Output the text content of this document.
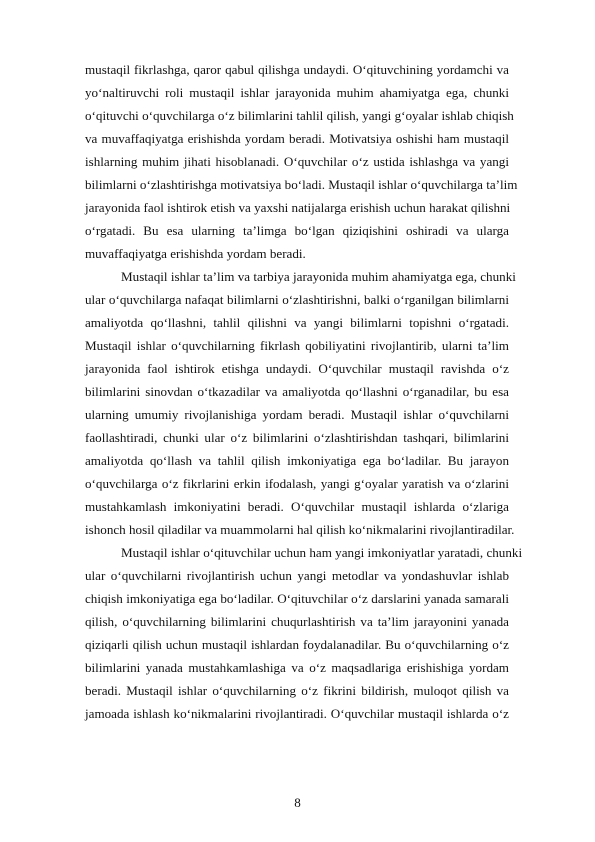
mustaqil fikrlashga, qaror qabul qilishga undaydi. O‘qituvchining yordamchi va
yo‘naltiruvchi roli mustaqil ishlar jarayonida muhim ahamiyatga ega, chunki
o‘qituvchi o‘quvchilarga o‘z bilimlarini tahlil qilish, yangi g‘oyalar ishlab chiqish
va muvaffaqiyatga erishishda yordam beradi. Motivatsiya oshishi ham mustaqil
ishlarning muhim jihati hisoblanadi. O‘quvchilar o‘z ustida ishlashga va yangi
bilimlarni o‘zlashtirishga motivatsiya bo‘ladi. Mustaqil ishlar o‘quvchilarga ta’lim
jarayonida faol ishtirok etish va yaxshi natijalarga erishish uchun harakat qilishni
o‘rgatadi. Bu esa ularning ta’limga bo‘lgan qiziqishini oshiradi va ularga
muvaffaqiyatga erishishda yordam beradi.
Mustaqil ishlar ta’lim va tarbiya jarayonida muhim ahamiyatga ega, chunki
ular o‘quvchilarga nafaqat bilimlarni o‘zlashtirishni, balki o‘rganilgan bilimlarni
amaliyotda qo‘llashni, tahlil qilishni va yangi bilimlarni topishni o‘rgatadi.
Mustaqil ishlar o‘quvchilarning fikrlash qobiliyatini rivojlantirib, ularni ta’lim
jarayonida faol ishtirok etishga undaydi. O‘quvchilar mustaqil ravishda o‘z
bilimlarini sinovdan o‘tkazadilar va amaliyotda qo‘llashni o‘rganadilar, bu esa
ularning umumiy rivojlanishiga yordam beradi. Mustaqil ishlar o‘quvchilarni
faollashtiradi, chunki ular o‘z bilimlarini o‘zlashtirishdan tashqari, bilimlarini
amaliyotda qo‘llash va tahlil qilish imkoniyatiga ega bo‘ladilar. Bu jarayon
o‘quvchilarga o‘z fikrlarini erkin ifodalash, yangi g‘oyalar yaratish va o‘zlarini
mustahkamlash imkoniyatini beradi. O‘quvchilar mustaqil ishlarda o‘zlariga
ishonch hosil qiladilar va muammolarni hal qilish ko‘nikmalarini rivojlantiradilar.
Mustaqil ishlar o‘qituvchilar uchun ham yangi imkoniyatlar yaratadi, chunki
ular o‘quvchilarni rivojlantirish uchun yangi metodlar va yondashuvlar ishlab
chiqish imkoniyatiga ega bo‘ladilar. O‘qituvchilar o‘z darslarini yanada samarali
qilish, o‘quvchilarning bilimlarini chuqurlashtirish va ta’lim jarayonini yanada
qiziqarli qilish uchun mustaqil ishlardan foydalanadilar. Bu o‘quvchilarning o‘z
bilimlarini yanada mustahkamlashiga va o‘z maqsadlariga erishishiga yordam
beradi. Mustaqil ishlar o‘quvchilarning o‘z fikrini bildirish, muloqot qilish va
jamoada ishlash ko‘nikmalarini rivojlantiradi. O‘quvchilar mustaqil ishlarda o‘z
8
